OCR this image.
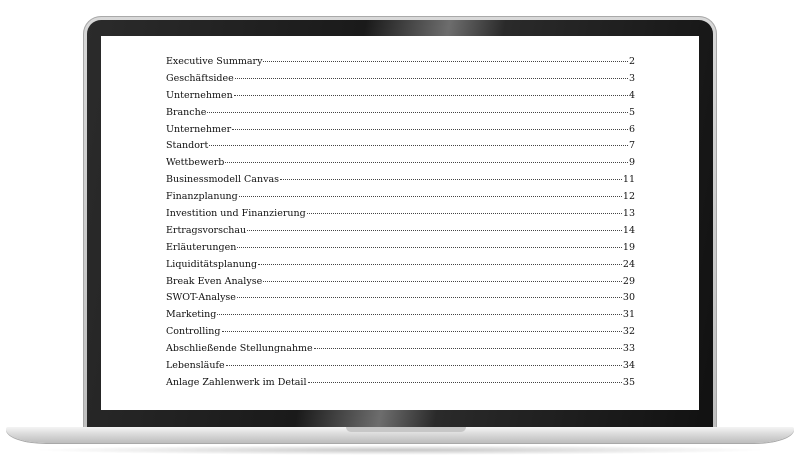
Executive Summary	2
Geschäftsidee	3
Unternehmen	4
Branche	5
Unternehmer	6
Standort	7
Wettbewerb	9
Businessmodell Canvas	11
Finanzplanung	12
Investition und Finanzierung	13
Ertragsvorschau	14
Erläuterungen	19
Liquiditätsplanung	24
Break Even Analyse	29
SWOT-Analyse	30
Marketing	31
Controlling	32
Abschließende Stellungnahme	33
Lebensläufe	34
Anlage Zahlenwerk im Detail	35
